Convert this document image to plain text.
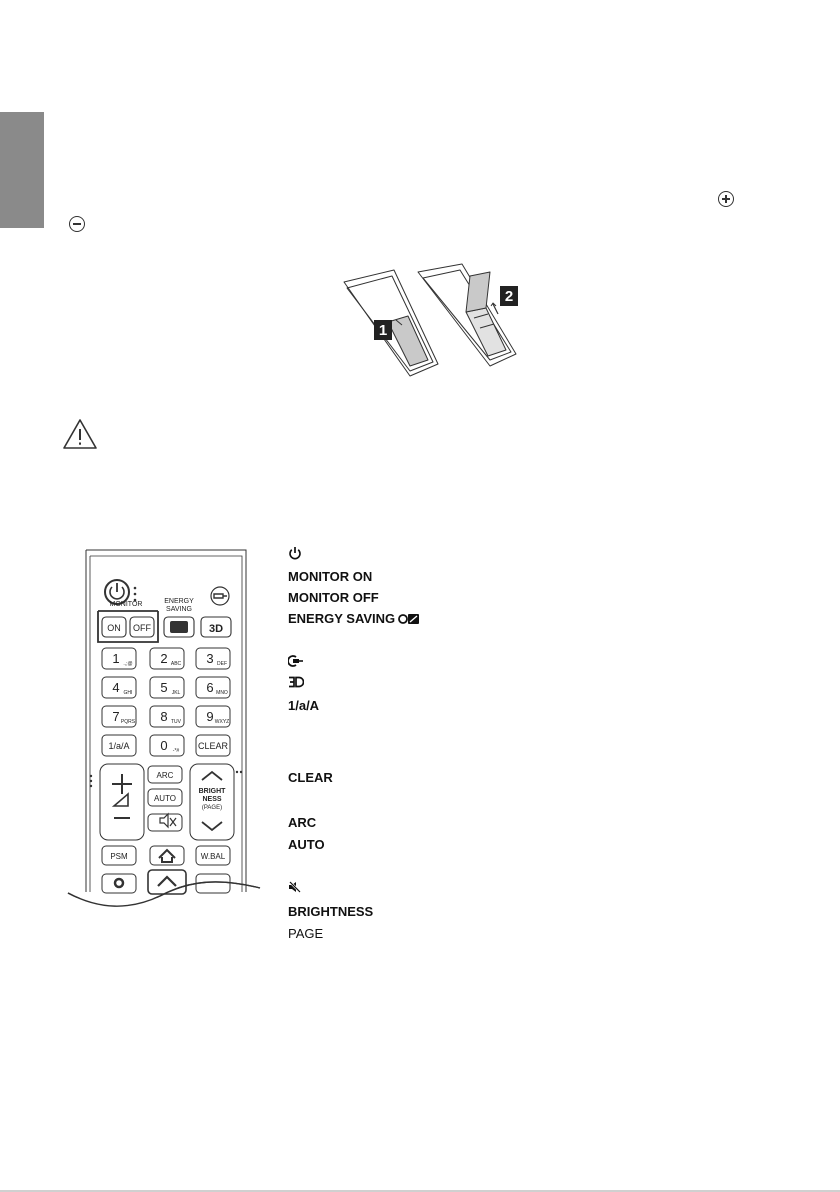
1
2
MONITOR	ENERGY
SAVING
ON OFF	3D
1 .,;@ 2 ABC 3 DEF
4 GHI 5 JKL 6 MNO
7 PQRS 8 TUV 9 WXYZ
1/a/A 0 -*# CLEAR
ARC
AUTO
BRIGHT
NESS
(PAGE)
PSM	W.BAL
MONITOR ON
MONITOR OFF
ENERGY SAVING
1/a/A
CLEAR
ARC
AUTO
BRIGHTNESS
PAGE
